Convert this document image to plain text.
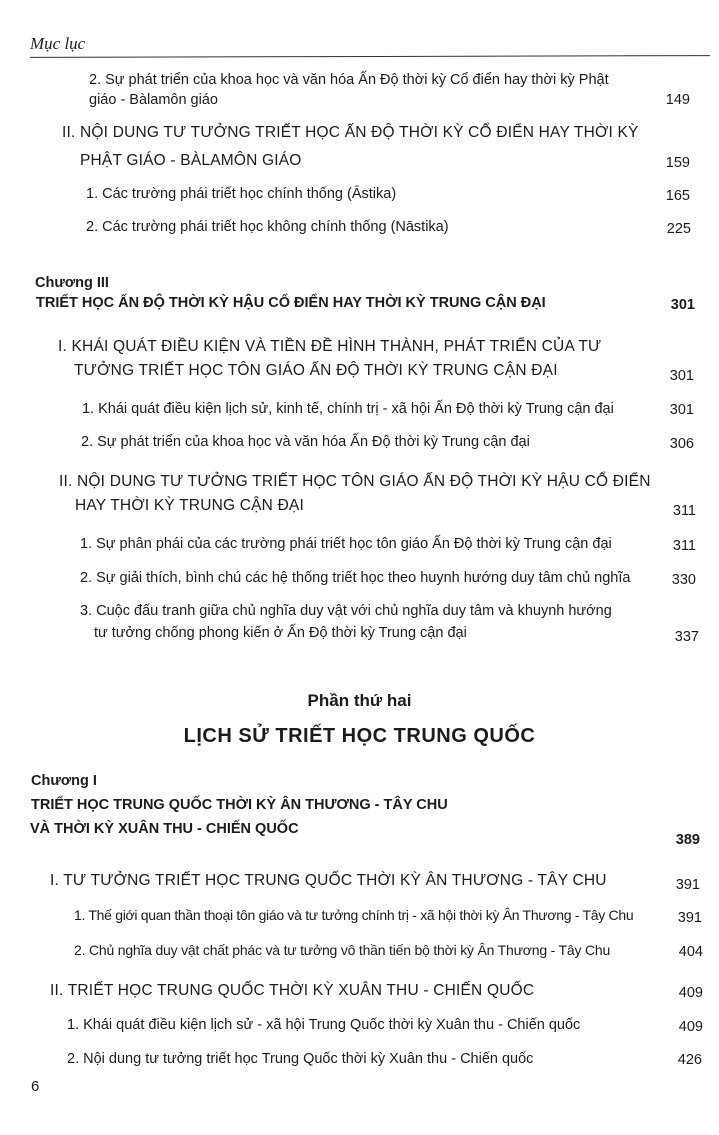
Mục lục
2. Sự phát triển của khoa học và văn hóa Ấn Độ thời kỳ Cổ điển hay thời kỳ Phật
giáo - Bàlamôn giáo	149
II. NỘI DUNG TƯ TƯỞNG TRIẾT HỌC ẤN ĐỘ THỜI KỲ CỔ ĐIỂN HAY THỜI KỲ
PHẬT GIÁO - BÀLAMÔN GIÁO	159
1. Các trường phái triết học chính thống (Āstika)	165
2. Các trường phái triết học không chính thống (Nāstika)	225
Chương III
TRIẾT HỌC ẤN ĐỘ THỜI KỲ HẬU CỔ ĐIỂN HAY THỜI KỲ TRUNG CẬN ĐẠI	301
I. KHÁI QUÁT ĐIỀU KIỆN VÀ TIỀN ĐỀ HÌNH THÀNH, PHÁT TRIỂN CỦA TƯ
TƯỞNG TRIẾT HỌC TÔN GIÁO ẤN ĐỘ THỜI KỲ TRUNG CẬN ĐẠI	301
1. Khái quát điều kiện lịch sử, kinh tế, chính trị - xã hội Ấn Độ thời kỳ Trung cận đại	301
2. Sự phát triển của khoa học và văn hóa Ấn Độ thời kỳ Trung cận đại	306
II. NỘI DUNG TƯ TƯỞNG TRIẾT HỌC TÔN GIÁO ẤN ĐỘ THỜI KỲ HẬU CỔ ĐIỂN
HAY THỜI KỲ TRUNG CẬN ĐẠI	311
1. Sự phân phái của các trường phái triết học tôn giáo Ấn Độ thời kỳ Trung cận đại	311
2. Sự giải thích, bình chú các hệ thống triết học theo huynh hướng duy tâm chủ nghĩa	330
3. Cuộc đấu tranh giữa chủ nghĩa duy vật với chủ nghĩa duy tâm và khuynh hướng
tư tưởng chống phong kiến ở Ấn Độ thời kỳ Trung cận đại	337
Phần thứ hai
LỊCH SỬ TRIẾT HỌC TRUNG QUỐC
Chương I
TRIẾT HỌC TRUNG QUỐC THỜI KỲ ÂN THƯƠNG - TÂY CHU
VÀ THỜI KỲ XUÂN THU - CHIẾN QUỐC
389
I. TƯ TƯỞNG TRIẾT HỌC TRUNG QUỐC THỜI KỲ ÂN THƯƠNG - TÂY CHU	391
1. Thế giới quan thần thoại tôn giáo và tư tưởng chính trị - xã hội thời kỳ Ân Thương - Tây Chu	391
2. Chủ nghĩa duy vật chất phác và tư tưởng vô thần tiến bộ thời kỳ Ân Thương - Tây Chu	404
II. TRIẾT HỌC TRUNG QUỐC THỜI KỲ XUÂN THU - CHIẾN QUỐC	409
1. Khái quát điều kiện lịch sử - xã hội Trung Quốc thời kỳ Xuân thu - Chiến quốc	409
2. Nội dung tư tưởng triết học Trung Quốc thời kỳ Xuân thu - Chiến quốc	426
6
